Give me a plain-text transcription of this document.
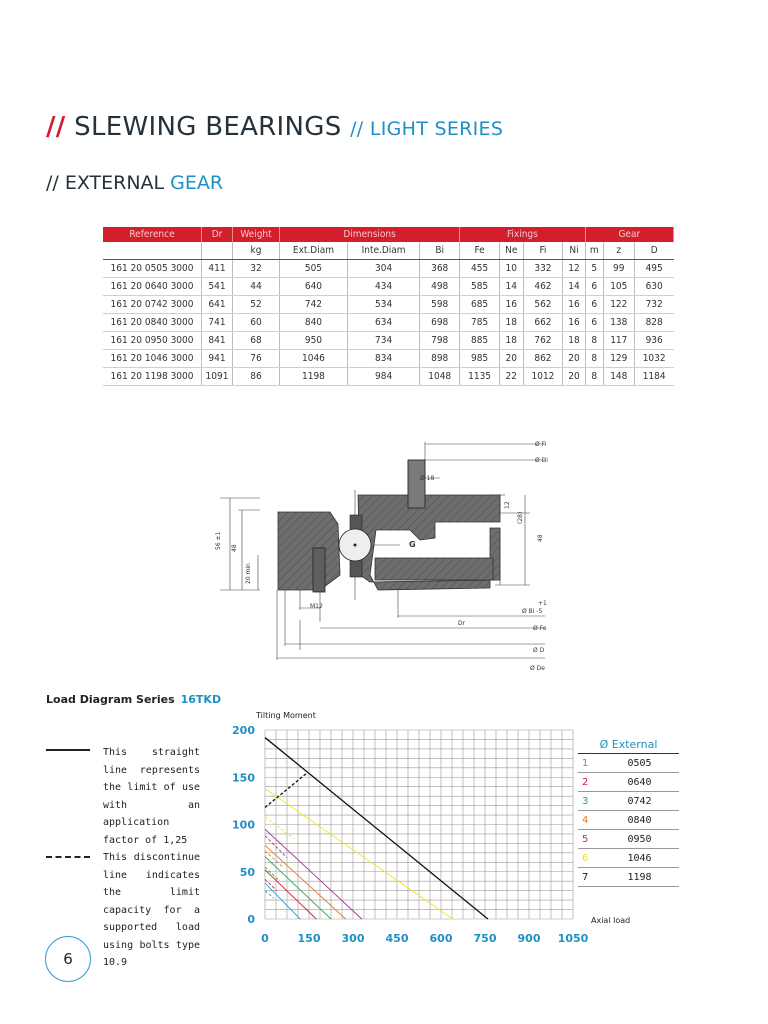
// SLEWING BEARINGS // LIGHT SERIES
// EXTERNAL GEAR
Reference	Dr	Weight	Dimensions			Fixings				Gear		
		kg	Ext.Diam	Inte.Diam	Bi	Fe	Ne	Fi	Ni	m	z	D
161 20 0505 3000	411	32	505	304	368	455	10	332	12	5	99	495
161 20 0640 3000	541	44	640	434	498	585	14	462	14	6	105	630
161 20 0742 3000	641	52	742	534	598	685	16	562	16	6	122	732
161 20 0840 3000	741	60	840	634	698	785	18	662	16	6	138	828
161 20 0950 3000	841	68	950	734	798	885	18	762	18	8	117	936
161 20 1046 3000	941	76	1046	834	898	985	20	862	20	8	129	1032
161 20 1198 3000	1091	86	1198	984	1048	1135	22	1012	20	8	148	1184
Ø Fi
Ø Di
Ø 18
12
(28)
48
56 ±1 48
20 min
G
M12
Dr
+1
Ø Bi -5
Ø Fe
Ø D
Ø De
Load Diagram Series 16TKD
This straight line represents the limit of use with an application factor of 1,25
This discontinue line indicates the limit capacity for a supported load using bolts type 10.9
6
Tilting Moment
Axial load
0	150 300 450 600 750 900 1050
0
50
100
150
200
Ø External	
1	0505
2	0640
3	0742
4	0840
5	0950
6	1046
7	1198
